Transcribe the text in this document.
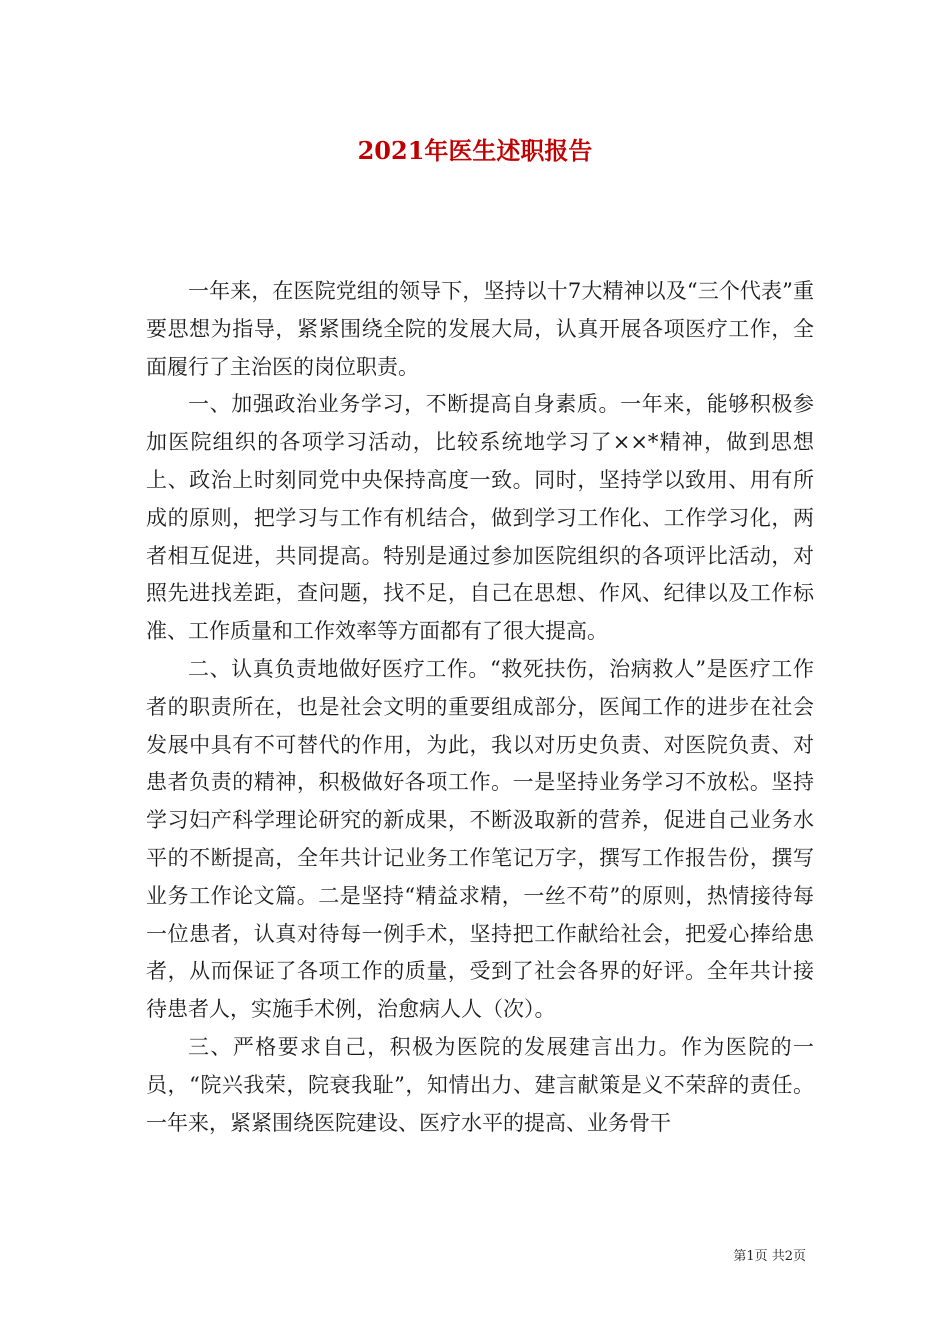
2021年医生述职报告

一年来，在医院党组的领导下，坚持以十7大精神以及“三个代表”重要思想为指导，紧紧围绕全院的发展大局，认真开展各项医疗工作，全面履行了主治医的岗位职责。

一、加强政治业务学习，不断提高自身素质。一年来，能够积极参加医院组织的各项学习活动，比较系统地学习了××*精神，做到思想上、政治上时刻同党中央保持高度一致。同时，坚持学以致用、用有所成的原则，把学习与工作有机结合，做到学习工作化、工作学习化，两者相互促进，共同提高。特别是通过参加医院组织的各项评比活动，对照先进找差距，查问题，找不足，自己在思想、作风、纪律以及工作标准、工作质量和工作效率等方面都有了很大提高。

二、认真负责地做好医疗工作。“救死扶伤，治病救人”是医疗工作者的职责所在，也是社会文明的重要组成部分，医闻工作的进步在社会发展中具有不可替代的作用，为此，我以对历史负责、对医院负责、对患者负责的精神，积极做好各项工作。一是坚持业务学习不放松。坚持学习妇产科学理论研究的新成果，不断汲取新的营养，促进自己业务水平的不断提高，全年共计记业务工作笔记万字，撰写工作报告份，撰写业务工作论文篇。二是坚持“精益求精，一丝不苟”的原则，热情接待每一位患者，认真对待每一例手术，坚持把工作献给社会，把爱心捧给患者，从而保证了各项工作的质量，受到了社会各界的好评。全年共计接待患者人，实施手术例，治愈病人人（次）。

三、严格要求自己，积极为医院的发展建言出力。作为医院的一员，“院兴我荣，院衰我耻”，知情出力、建言献策是义不荣辞的责任。一年来，紧紧围绕医院建设、医疗水平的提高、业务骨干

第1页 共2页
